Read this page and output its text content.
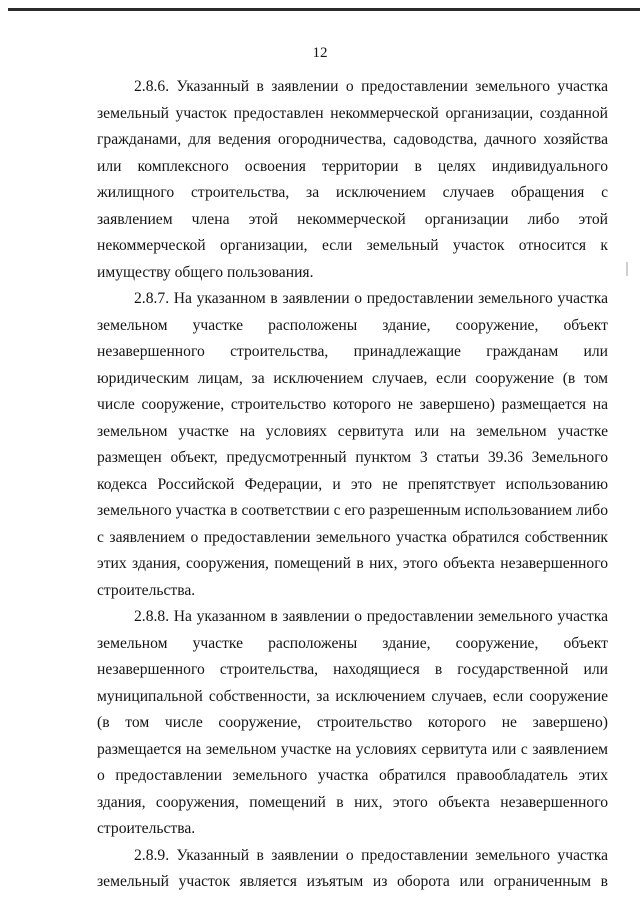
12

2.8.6. Указанный в заявлении о предоставлении земельного участка земельный участок предоставлен некоммерческой организации, созданной гражданами, для ведения огородничества, садоводства, дачного хозяйства или комплексного освоения территории в целях индивидуального жилищного строительства, за исключением случаев обращения с заявлением члена этой некоммерческой организации либо этой некоммерческой организации, если земельный участок относится к имуществу общего пользования.

2.8.7. На указанном в заявлении о предоставлении земельного участка земельном участке расположены здание, сооружение, объект незавершенного строительства, принадлежащие гражданам или юридическим лицам, за исключением случаев, если сооружение (в том числе сооружение, строительство которого не завершено) размещается на земельном участке на условиях сервитута или на земельном участке размещен объект, предусмотренный пунктом 3 статьи 39.36 Земельного кодекса Российской Федерации, и это не препятствует использованию земельного участка в соответствии с его разрешенным использованием либо с заявлением о предоставлении земельного участка обратился собственник этих здания, сооружения, помещений в них, этого объекта незавершенного строительства.

2.8.8. На указанном в заявлении о предоставлении земельного участка земельном участке расположены здание, сооружение, объект незавершенного строительства, находящиеся в государственной или муниципальной собственности, за исключением случаев, если сооружение (в том числе сооружение, строительство которого не завершено) размещается на земельном участке на условиях сервитута или с заявлением о предоставлении земельного участка обратился правообладатель этих здания, сооружения, помещений в них, этого объекта незавершенного строительства.

2.8.9. Указанный в заявлении о предоставлении земельного участка земельный участок является изъятым из оборота или ограниченным в
